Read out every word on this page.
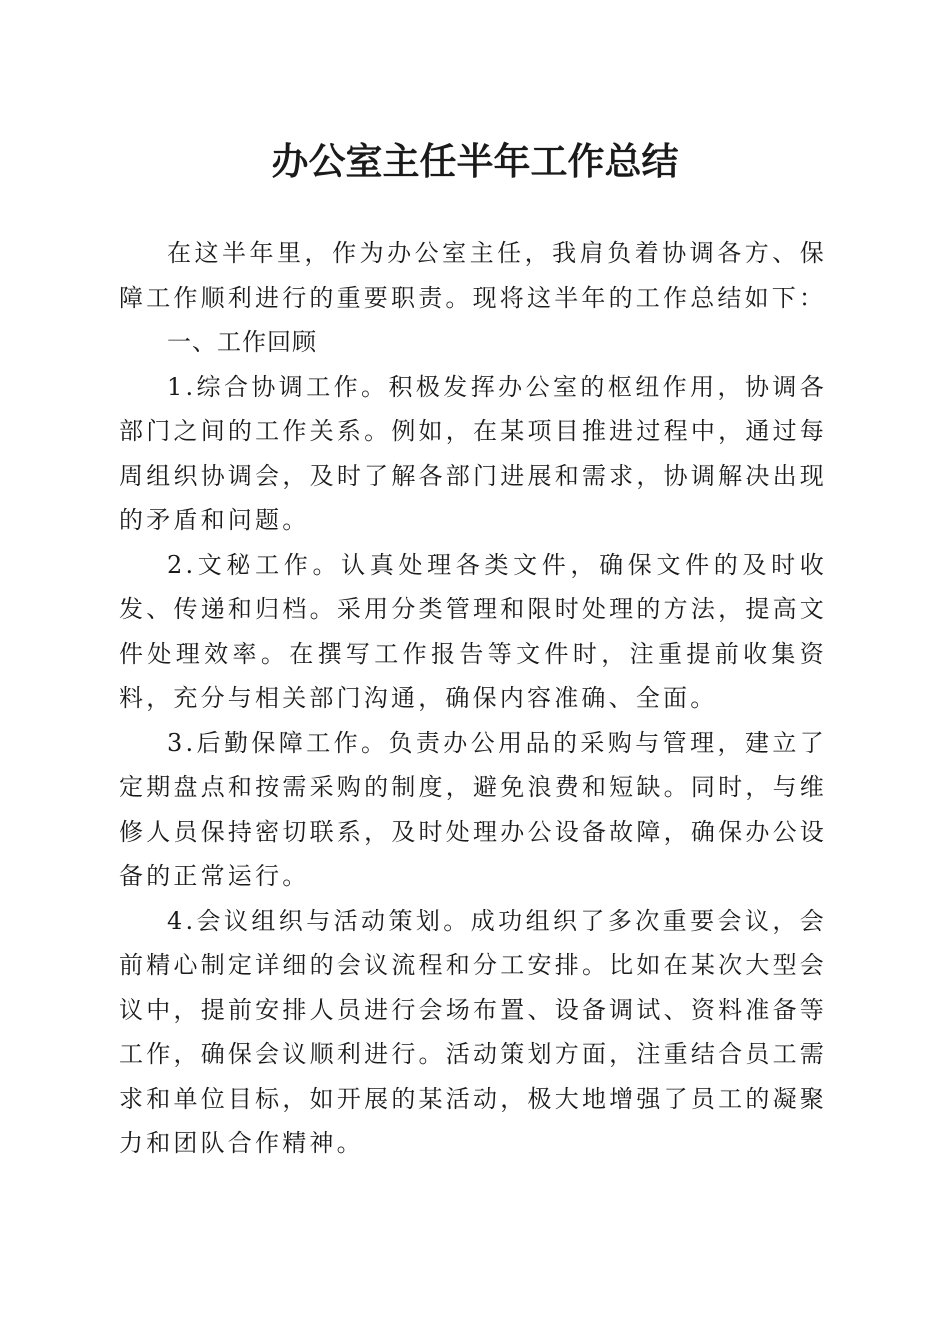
办公室主任半年工作总结

在这半年里，作为办公室主任，我肩负着协调各方、保障工作顺利进行的重要职责。现将这半年的工作总结如下：

一、工作回顾

1.综合协调工作。积极发挥办公室的枢纽作用，协调各部门之间的工作关系。例如，在某项目推进过程中，通过每周组织协调会，及时了解各部门进展和需求，协调解决出现的矛盾和问题。

2.文秘工作。认真处理各类文件，确保文件的及时收发、传递和归档。采用分类管理和限时处理的方法，提高文件处理效率。在撰写工作报告等文件时，注重提前收集资料，充分与相关部门沟通，确保内容准确、全面。

3.后勤保障工作。负责办公用品的采购与管理，建立了定期盘点和按需采购的制度，避免浪费和短缺。同时，与维修人员保持密切联系，及时处理办公设备故障，确保办公设备的正常运行。

4.会议组织与活动策划。成功组织了多次重要会议，会前精心制定详细的会议流程和分工安排。比如在某次大型会议中，提前安排人员进行会场布置、设备调试、资料准备等工作，确保会议顺利进行。活动策划方面，注重结合员工需求和单位目标，如开展的某活动，极大地增强了员工的凝聚力和团队合作精神。
